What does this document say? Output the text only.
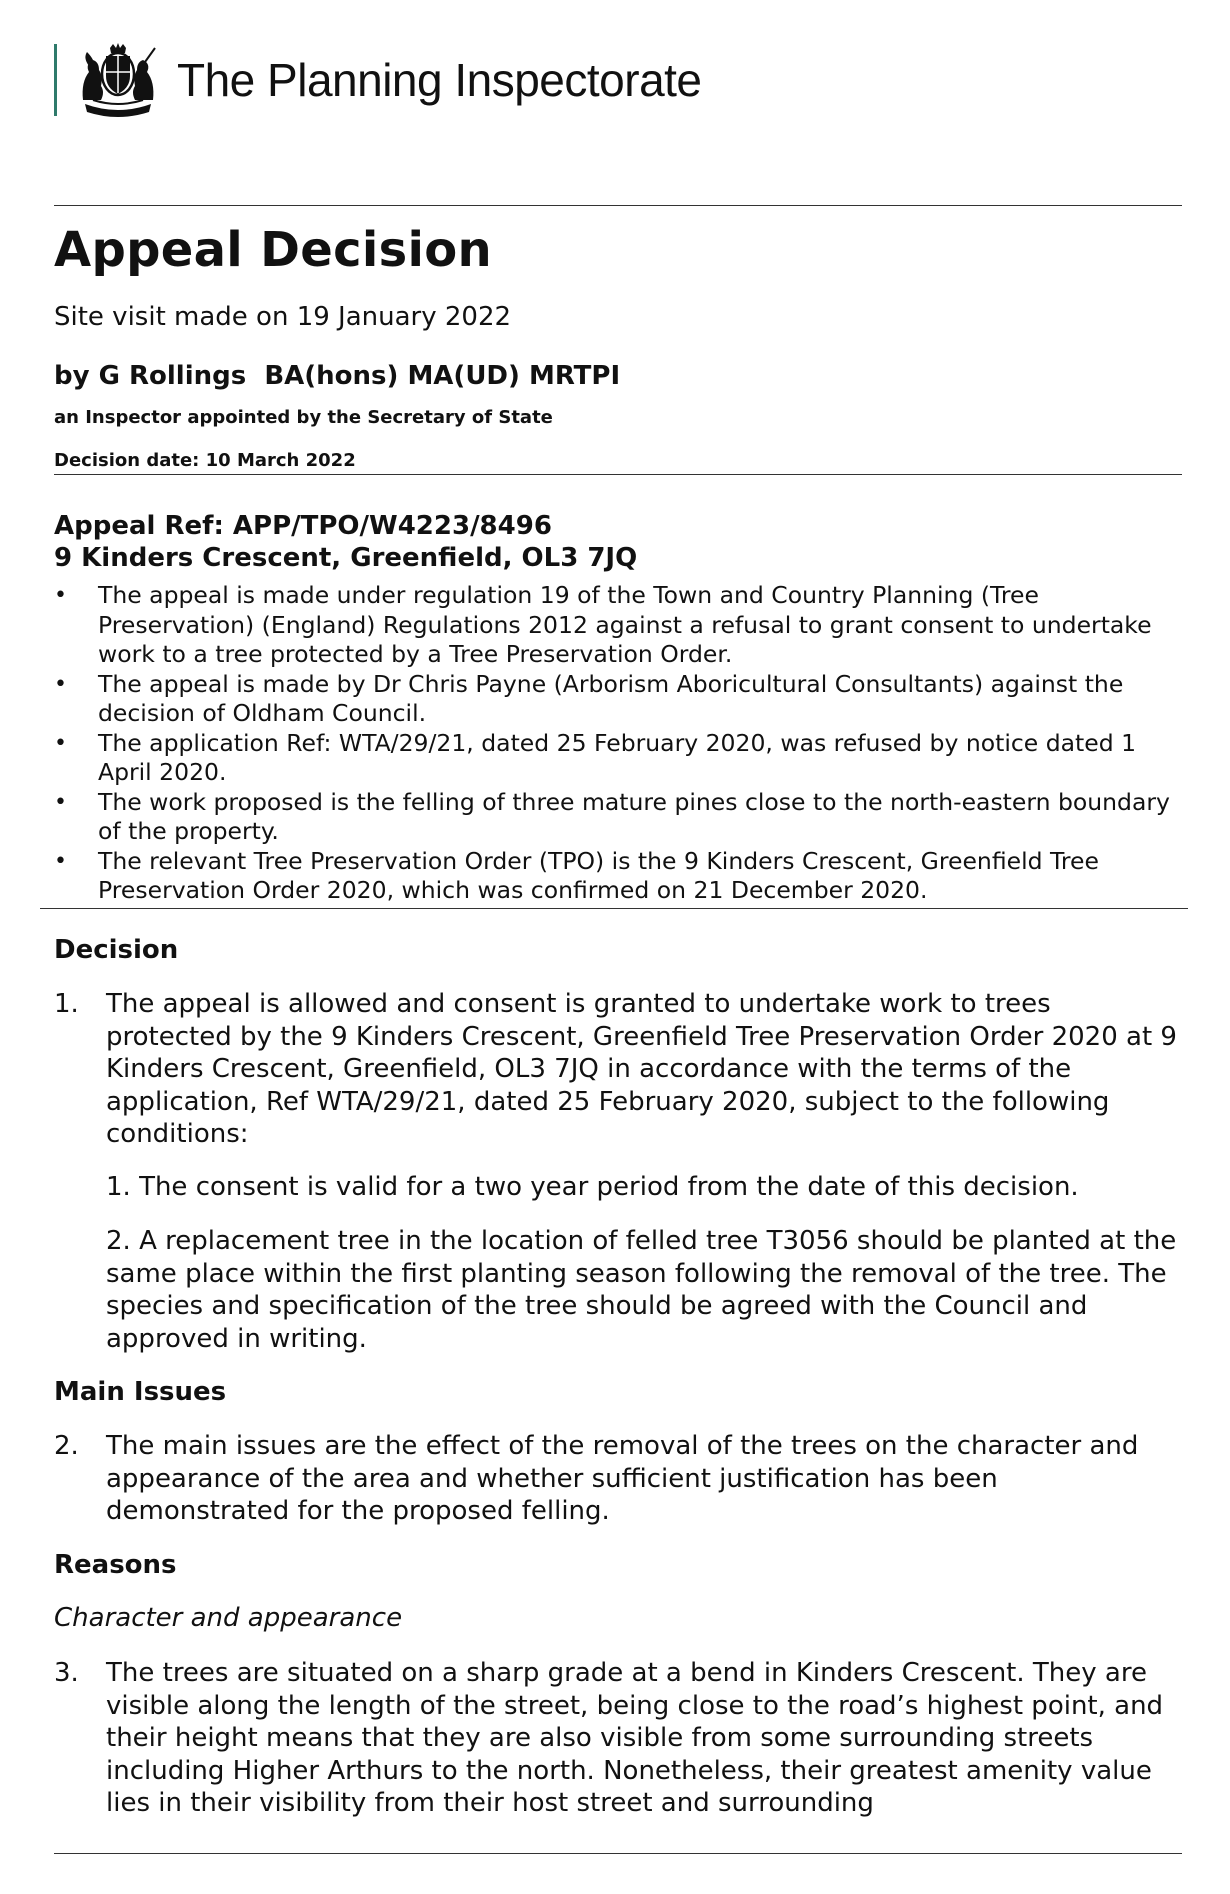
The Planning Inspectorate
Appeal Decision
Site visit made on 19 January 2022
by G Rollings  BA(hons) MA(UD) MRTPI
an Inspector appointed by the Secretary of State
Decision date: 10 March 2022
Appeal Ref: APP/TPO/W4223/8496
9 Kinders Crescent, Greenfield, OL3 7JQ
• The appeal is made under regulation 19 of the Town and Country Planning (Tree Preservation) (England) Regulations 2012 against a refusal to grant consent to undertake work to a tree protected by a Tree Preservation Order.
• The appeal is made by Dr Chris Payne (Arborism Aboricultural Consultants) against the decision of Oldham Council.
• The application Ref: WTA/29/21, dated 25 February 2020, was refused by notice dated 1 April 2020.
• The work proposed is the felling of three mature pines close to the north-eastern boundary of the property.
• The relevant Tree Preservation Order (TPO) is the 9 Kinders Crescent, Greenfield Tree Preservation Order 2020, which was confirmed on 21 December 2020.
Decision
1. The appeal is allowed and consent is granted to undertake work to trees protected by the 9 Kinders Crescent, Greenfield Tree Preservation Order 2020 at 9 Kinders Crescent, Greenfield, OL3 7JQ in accordance with the terms of the application, Ref WTA/29/21, dated 25 February 2020, subject to the following conditions:
1. The consent is valid for a two year period from the date of this decision.
2. A replacement tree in the location of felled tree T3056 should be planted at the same place within the first planting season following the removal of the tree. The species and specification of the tree should be agreed with the Council and approved in writing.
Main Issues
2. The main issues are the effect of the removal of the trees on the character and appearance of the area and whether sufficient justification has been demonstrated for the proposed felling.
Reasons
Character and appearance
3. The trees are situated on a sharp grade at a bend in Kinders Crescent. They are visible along the length of the street, being close to the road’s highest point, and their height means that they are also visible from some surrounding streets including Higher Arthurs to the north. Nonetheless, their greatest amenity value lies in their visibility from their host street and surrounding
